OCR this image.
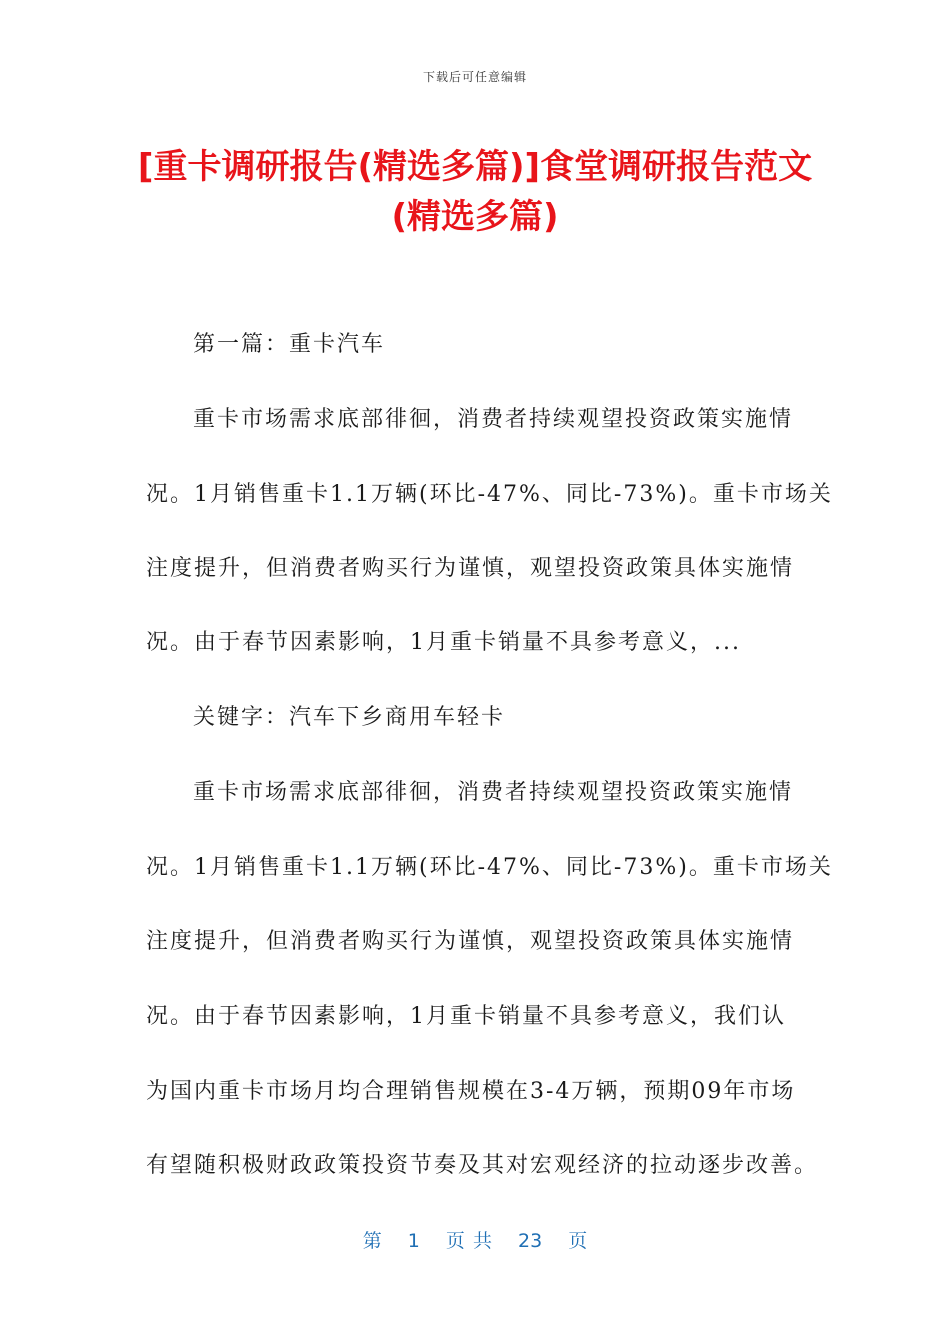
下载后可任意编辑
[重卡调研报告(精选多篇)]食堂调研报告范文
(精选多篇)
第一篇：重卡汽车
重卡市场需求底部徘徊，消费者持续观望投资政策实施情
况。1月销售重卡1.1万辆(环比-47%、同比-73%)。重卡市场关
注度提升，但消费者购买行为谨慎，观望投资政策具体实施情
况。由于春节因素影响，1月重卡销量不具参考意义，...
关键字：汽车下乡商用车轻卡
重卡市场需求底部徘徊，消费者持续观望投资政策实施情
况。1月销售重卡1.1万辆(环比-47%、同比-73%)。重卡市场关
注度提升，但消费者购买行为谨慎，观望投资政策具体实施情
况。由于春节因素影响，1月重卡销量不具参考意义，我们认
为国内重卡市场月均合理销售规模在3-4万辆，预期09年市场
有望随积极财政政策投资节奏及其对宏观经济的拉动逐步改善。
第 1 页 共 23 页
